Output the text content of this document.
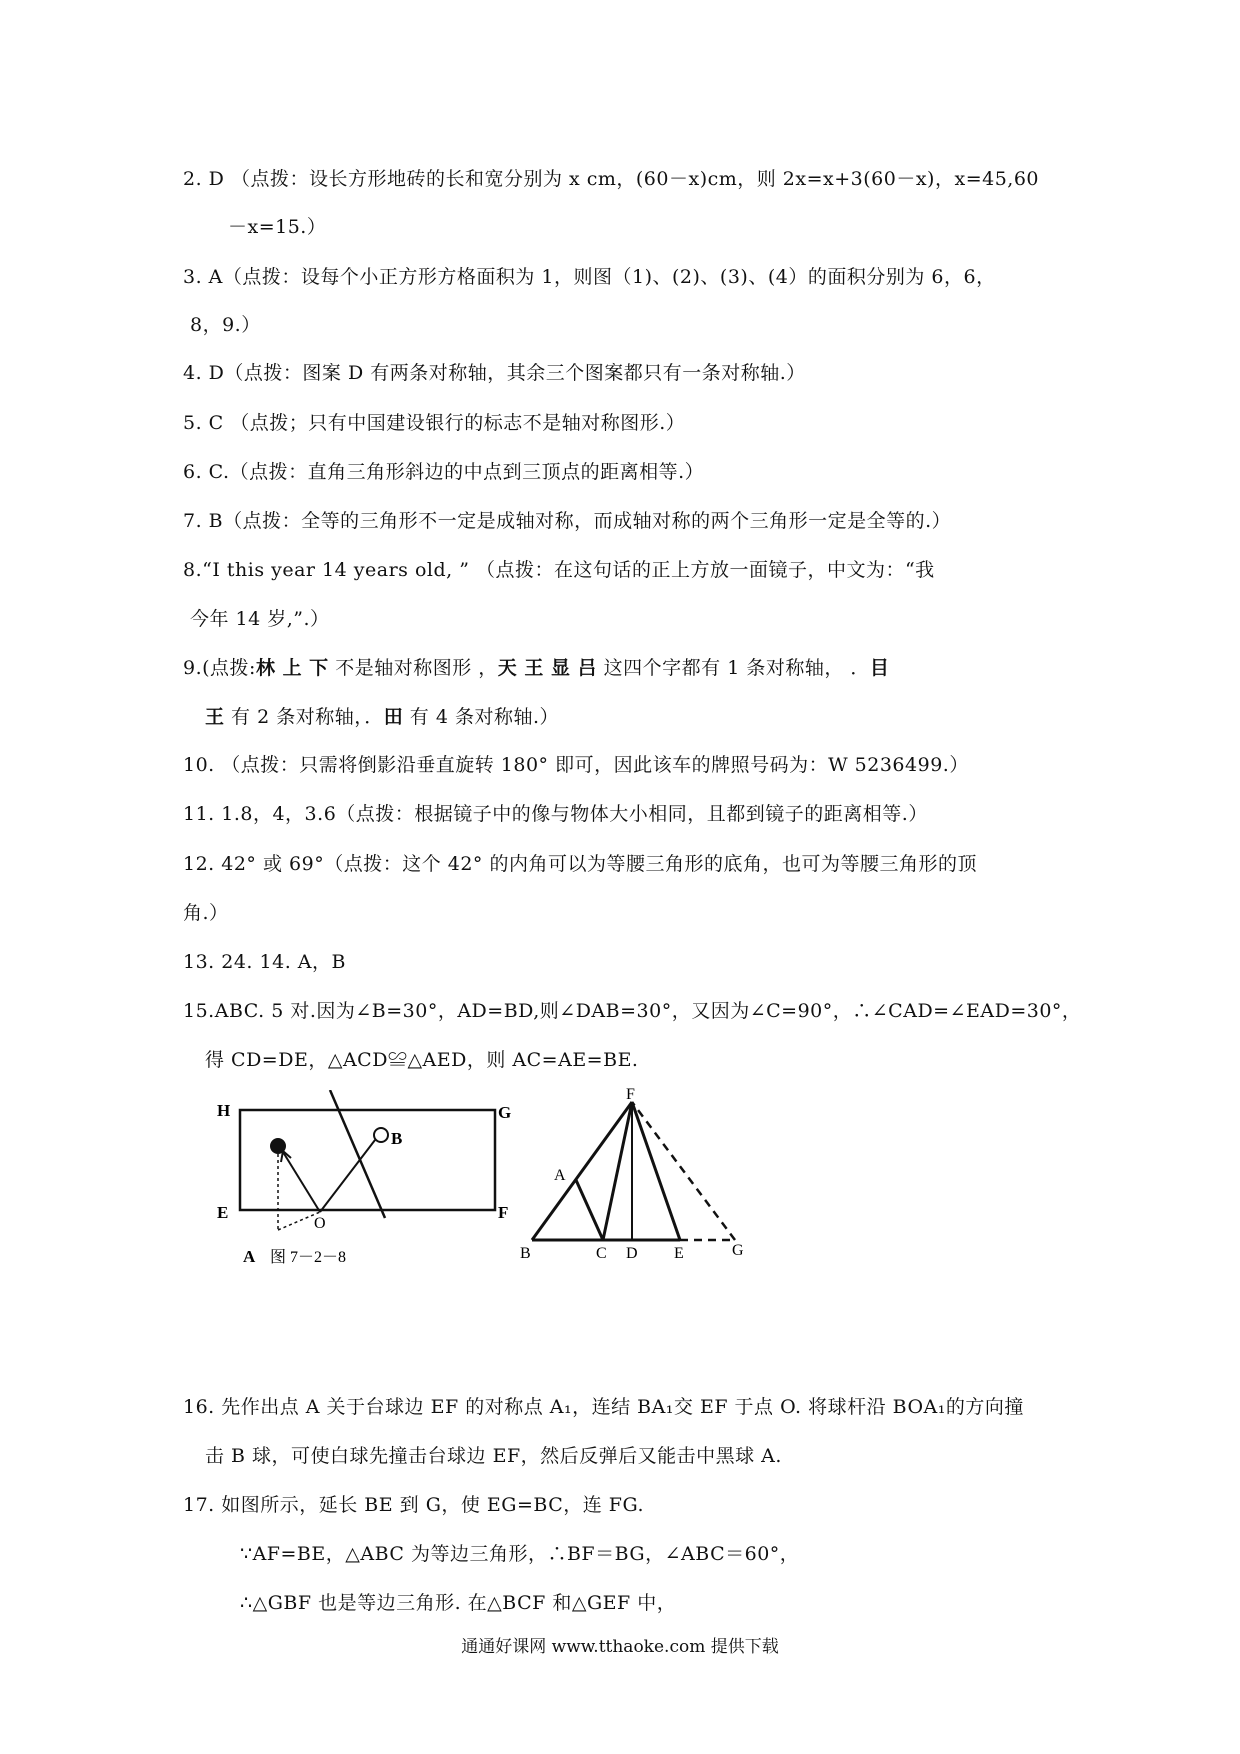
2. D （点拨：设长方形地砖的长和宽分别为 x cm，(60－x)cm，则 2x=x+3(60－x)，x=45,60
－x=15.）
3. A（点拨：设每个小正方形方格面积为 1，则图（1)、(2)、(3)、(4）的面积分别为 6，6，
8，9.）
4. D（点拨：图案 D 有两条对称轴，其余三个图案都只有一条对称轴.）
5. C （点拨；只有中国建设银行的标志不是轴对称图形.）
6. C.（点拨：直角三角形斜边的中点到三顶点的距离相等.）
7. B（点拨：全等的三角形不一定是成轴对称，而成轴对称的两个三角形一定是全等的.）
8.“I this year 14 years old, ” （点拨：在这句话的正上方放一面镜子，中文为：“我
今年 14 岁,”.）
9.(点拨:林 上 下 不是轴对称图形 ，天 王 显 吕 这四个字都有 1 条对称轴， ．目
王 有 2 条对称轴，．田 有 4 条对称轴.）
10. （点拨：只需将倒影沿垂直旋转 180° 即可，因此该车的牌照号码为：W 5236499.）
11. 1.8，4，3.6（点拨：根据镜子中的像与物体大小相同，且都到镜子的距离相等.）
12. 42° 或 69°（点拨：这个 42° 的内角可以为等腰三角形的底角，也可为等腰三角形的顶
角.）
13. 24. 14. A，B
15.ABC. 5 对.因为∠B=30°，AD=BD,则∠DAB=30°，又因为∠C=90°，∴∠CAD=∠EAD=30°，
得 CD=DE，△ACD≌△AED，则 AC=AE=BE.
H	G
E	F
O
B
A 图 7－2－8
F
A
B	C D E	G
16. 先作出点 A 关于台球边 EF 的对称点 A₁，连结 BA₁交 EF 于点 O. 将球杆沿 BOA₁的方向撞
击 B 球，可使白球先撞击台球边 EF，然后反弹后又能击中黑球 A.
17. 如图所示，延长 BE 到 G，使 EG=BC，连 FG.
∵AF=BE，△ABC 为等边三角形，∴BF＝BG，∠ABC＝60°，
∴△GBF 也是等边三角形. 在△BCF 和△GEF 中，
通通好课网 www.tthaoke.com 提供下载
